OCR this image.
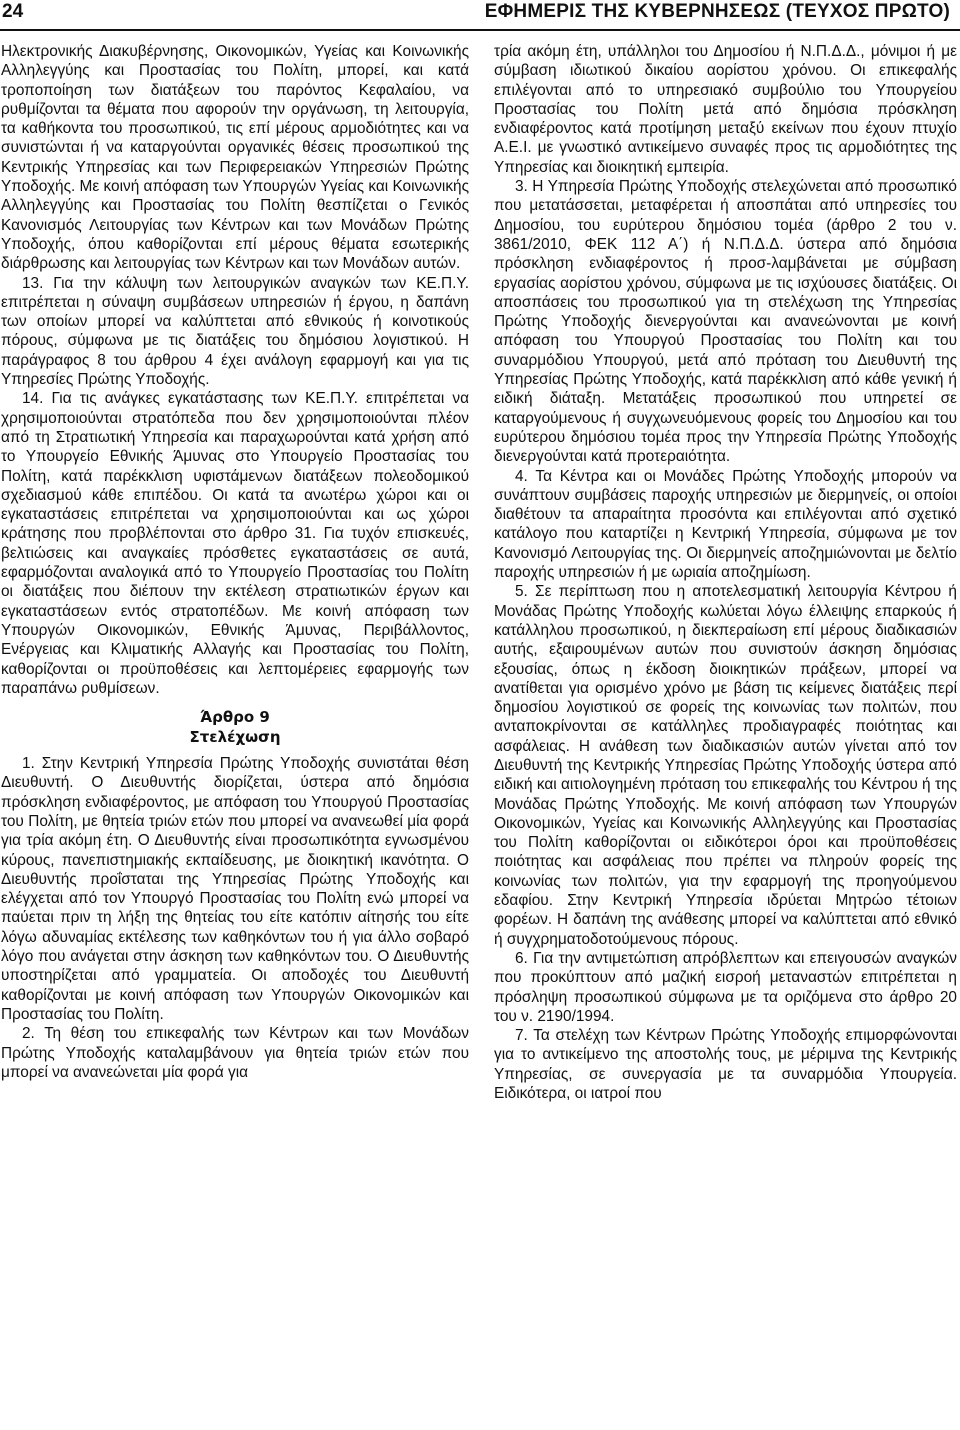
24	ΕΦΗΜΕΡΙΣ ΤΗΣ ΚΥΒΕΡΝΗΣΕΩΣ (ΤΕΥΧΟΣ ΠΡΩΤΟ)

Ηλεκτρονικής Διακυβέρνησης, Οικονομικών, Υγείας και Κοινωνικής Αλληλεγγύης και Προστασίας του Πολίτη, μπορεί, και κατά τροποποίηση των διατάξεων του παρόντος Κεφαλαίου, να ρυθμίζονται τα θέματα που αφορούν την οργάνωση, τη λειτουργία, τα καθήκοντα του προσωπικού, τις επί μέρους αρμοδιότητες και να συνιστώνται ή να καταργούνται οργανικές θέσεις προσωπικού της Κεντρικής Υπηρεσίας και των Περιφερειακών Υπηρεσιών Πρώτης Υποδοχής. Με κοινή απόφαση των Υπουργών Υγείας και Κοινωνικής Αλληλεγγύης και Προστασίας του Πολίτη θεσπίζεται ο Γενικός Κανονισμός Λειτουργίας των Κέντρων και των Μονάδων Πρώτης Υποδοχής, όπου καθορίζονται επί μέρους θέματα εσωτερικής διάρθρωσης και λειτουργίας των Κέντρων και των Μονάδων αυτών.

13. Για την κάλυψη των λειτουργικών αναγκών των ΚΕ.Π.Υ. επιτρέπεται η σύναψη συμβάσεων υπηρεσιών ή έργου, η δαπάνη των οποίων μπορεί να καλύπτεται από εθνικούς ή κοινοτικούς πόρους, σύμφωνα με τις διατάξεις του δημόσιου λογιστικού. Η παράγραφος 8 του άρθρου 4 έχει ανάλογη εφαρμογή και για τις Υπηρεσίες Πρώτης Υποδοχής.

14. Για τις ανάγκες εγκατάστασης των ΚΕ.Π.Υ. επιτρέπεται να χρησιμοποιούνται στρατόπεδα που δεν χρησιμοποιούνται πλέον από τη Στρατιωτική Υπηρεσία και παραχωρούνται κατά χρήση από το Υπουργείο Εθνικής Άμυνας στο Υπουργείο Προστασίας του Πολίτη, κατά παρέκκλιση υφιστάμενων διατάξεων πολεοδομικού σχεδιασμού κάθε επιπέδου. Οι κατά τα ανωτέρω χώροι και οι εγκαταστάσεις επιτρέπεται να χρησιμοποιούνται και ως χώροι κράτησης που προβλέπονται στο άρθρο 31. Για τυχόν επισκευές, βελτιώσεις και αναγκαίες πρόσθετες εγκαταστάσεις σε αυτά, εφαρμόζονται αναλογικά από το Υπουργείο Προστασίας του Πολίτη οι διατάξεις που διέπουν την εκτέλεση στρατιωτικών έργων και εγκαταστάσεων εντός στρατοπέδων. Με κοινή απόφαση των Υπουργών Οικονομικών, Εθνικής Άμυνας, Περιβάλλοντος, Ενέργειας και Κλιματικής Αλλαγής και Προστασίας του Πολίτη, καθορίζονται οι προϋποθέσεις και λεπτομέρειες εφαρμογής των παραπάνω ρυθμίσεων.

Άρθρο 9
Στελέχωση

1. Στην Κεντρική Υπηρεσία Πρώτης Υποδοχής συνιστάται θέση Διευθυντή. Ο Διευθυντής διορίζεται, ύστερα από δημόσια πρόσκληση ενδιαφέροντος, με απόφαση του Υπουργού Προστασίας του Πολίτη, με θητεία τριών ετών που μπορεί να ανανεωθεί μία φορά για τρία ακόμη έτη. Ο Διευθυντής είναι προσωπικότητα εγνωσμένου κύρους, πανεπιστημιακής εκπαίδευσης, με διοικητική ικανότητα. Ο Διευθυντής προΐσταται της Υπηρεσίας Πρώτης Υποδοχής και ελέγχεται από τον Υπουργό Προστασίας του Πολίτη ενώ μπορεί να παύεται πριν τη λήξη της θητείας του είτε κατόπιν αίτησής του είτε λόγω αδυναμίας εκτέλεσης των καθηκόντων του ή για άλλο σοβαρό λόγο που ανάγεται στην άσκηση των καθηκόντων του. Ο Διευθυντής υποστηρίζεται από γραμματεία. Οι αποδοχές του Διευθυντή καθορίζονται με κοινή απόφαση των Υπουργών Οικονομικών και Προστασίας του Πολίτη.

2. Τη θέση του επικεφαλής των Κέντρων και των Μονάδων Πρώτης Υποδοχής καταλαμβάνουν για θητεία τριών ετών που μπορεί να ανανεώνεται μία φορά για

τρία ακόμη έτη, υπάλληλοι του Δημοσίου ή Ν.Π.Δ.Δ., μόνιμοι ή με σύμβαση ιδιωτικού δικαίου αορίστου χρόνου. Οι επικεφαλής επιλέγονται από το υπηρεσιακό συμβούλιο του Υπουργείου Προστασίας του Πολίτη μετά από δημόσια πρόσκληση ενδιαφέροντος κατά προτίμηση μεταξύ εκείνων που έχουν πτυχίο Α.Ε.Ι. με γνωστικό αντικείμενο συναφές προς τις αρμοδιότητες της Υπηρεσίας και διοικητική εμπειρία.

3. Η Υπηρεσία Πρώτης Υποδοχής στελεχώνεται από προσωπικό που μετατάσσεται, μεταφέρεται ή αποσπάται από υπηρεσίες του Δημοσίου, του ευρύτερου δημόσιου τομέα (άρθρο 2 του ν. 3861/2010, ΦΕΚ 112 Α΄) ή Ν.Π.Δ.Δ. ύστερα από δημόσια πρόσκληση ενδιαφέροντος ή προσ-λαμβάνεται με σύμβαση εργασίας αορίστου χρόνου, σύμφωνα με τις ισχύουσες διατάξεις. Οι αποσπάσεις του προσωπικού για τη στελέχωση της Υπηρεσίας Πρώτης Υποδοχής διενεργούνται και ανανεώνονται με κοινή απόφαση του Υπουργού Προστασίας του Πολίτη και του συναρμόδιου Υπουργού, μετά από πρόταση του Διευθυντή της Υπηρεσίας Πρώτης Υποδοχής, κατά παρέκκλιση από κάθε γενική ή ειδική διάταξη. Μετατάξεις προσωπικού που υπηρετεί σε καταργούμενους ή συγχωνευόμενους φορείς του Δημοσίου και του ευρύτερου δημόσιου τομέα προς την Υπηρεσία Πρώτης Υποδοχής διενεργούνται κατά προτεραιότητα.

4. Τα Κέντρα και οι Μονάδες Πρώτης Υποδοχής μπορούν να συνάπτουν συμβάσεις παροχής υπηρεσιών με διερμηνείς, οι οποίοι διαθέτουν τα απαραίτητα προσόντα και επιλέγονται από σχετικό κατάλογο που καταρτίζει η Κεντρική Υπηρεσία, σύμφωνα με τον Κανονισμό Λειτουργίας της. Οι διερμηνείς αποζημιώνονται με δελτίο παροχής υπηρεσιών ή με ωριαία αποζημίωση.

5. Σε περίπτωση που η αποτελεσματική λειτουργία Κέντρου ή Μονάδας Πρώτης Υποδοχής κωλύεται λόγω έλλειψης επαρκούς ή κατάλληλου προσωπικού, η διεκπεραίωση επί μέρους διαδικασιών αυτής, εξαιρουμένων αυτών που συνιστούν άσκηση δημόσιας εξουσίας, όπως η έκδοση διοικητικών πράξεων, μπορεί να ανατίθεται για ορισμένο χρόνο με βάση τις κείμενες διατάξεις περί δημοσίου λογιστικού σε φορείς της κοινωνίας των πολιτών, που ανταποκρίνονται σε κατάλληλες προδιαγραφές ποιότητας και ασφάλειας. Η ανάθεση των διαδικασιών αυτών γίνεται από τον Διευθυντή της Κεντρικής Υπηρεσίας Πρώτης Υποδοχής ύστερα από ειδική και αιτιολογημένη πρόταση του επικεφαλής του Κέντρου ή της Μονάδας Πρώτης Υποδοχής. Με κοινή απόφαση των Υπουργών Οικονομικών, Υγείας και Κοινωνικής Αλληλεγγύης και Προστασίας του Πολίτη καθορίζονται οι ειδικότεροι όροι και προϋποθέσεις ποιότητας και ασφάλειας που πρέπει να πληρούν φορείς της κοινωνίας των πολιτών, για την εφαρμογή της προηγούμενου εδαφίου. Στην Κεντρική Υπηρεσία ιδρύεται Μητρώο τέτοιων φορέων. Η δαπάνη της ανάθεσης μπορεί να καλύπτεται από εθνικό ή συγχρηματοδοτούμενους πόρους.

6. Για την αντιμετώπιση απρόβλεπτων και επειγουσών αναγκών που προκύπτουν από μαζική εισροή μεταναστών επιτρέπεται η πρόσληψη προσωπικού σύμφωνα με τα οριζόμενα στο άρθρο 20 του ν. 2190/1994.

7. Τα στελέχη των Κέντρων Πρώτης Υποδοχής επιμορφώνονται για το αντικείμενο της αποστολής τους, με μέριμνα της Κεντρικής Υπηρεσίας, σε συνεργασία με τα συναρμόδια Υπουργεία. Ειδικότερα, οι ιατροί που
